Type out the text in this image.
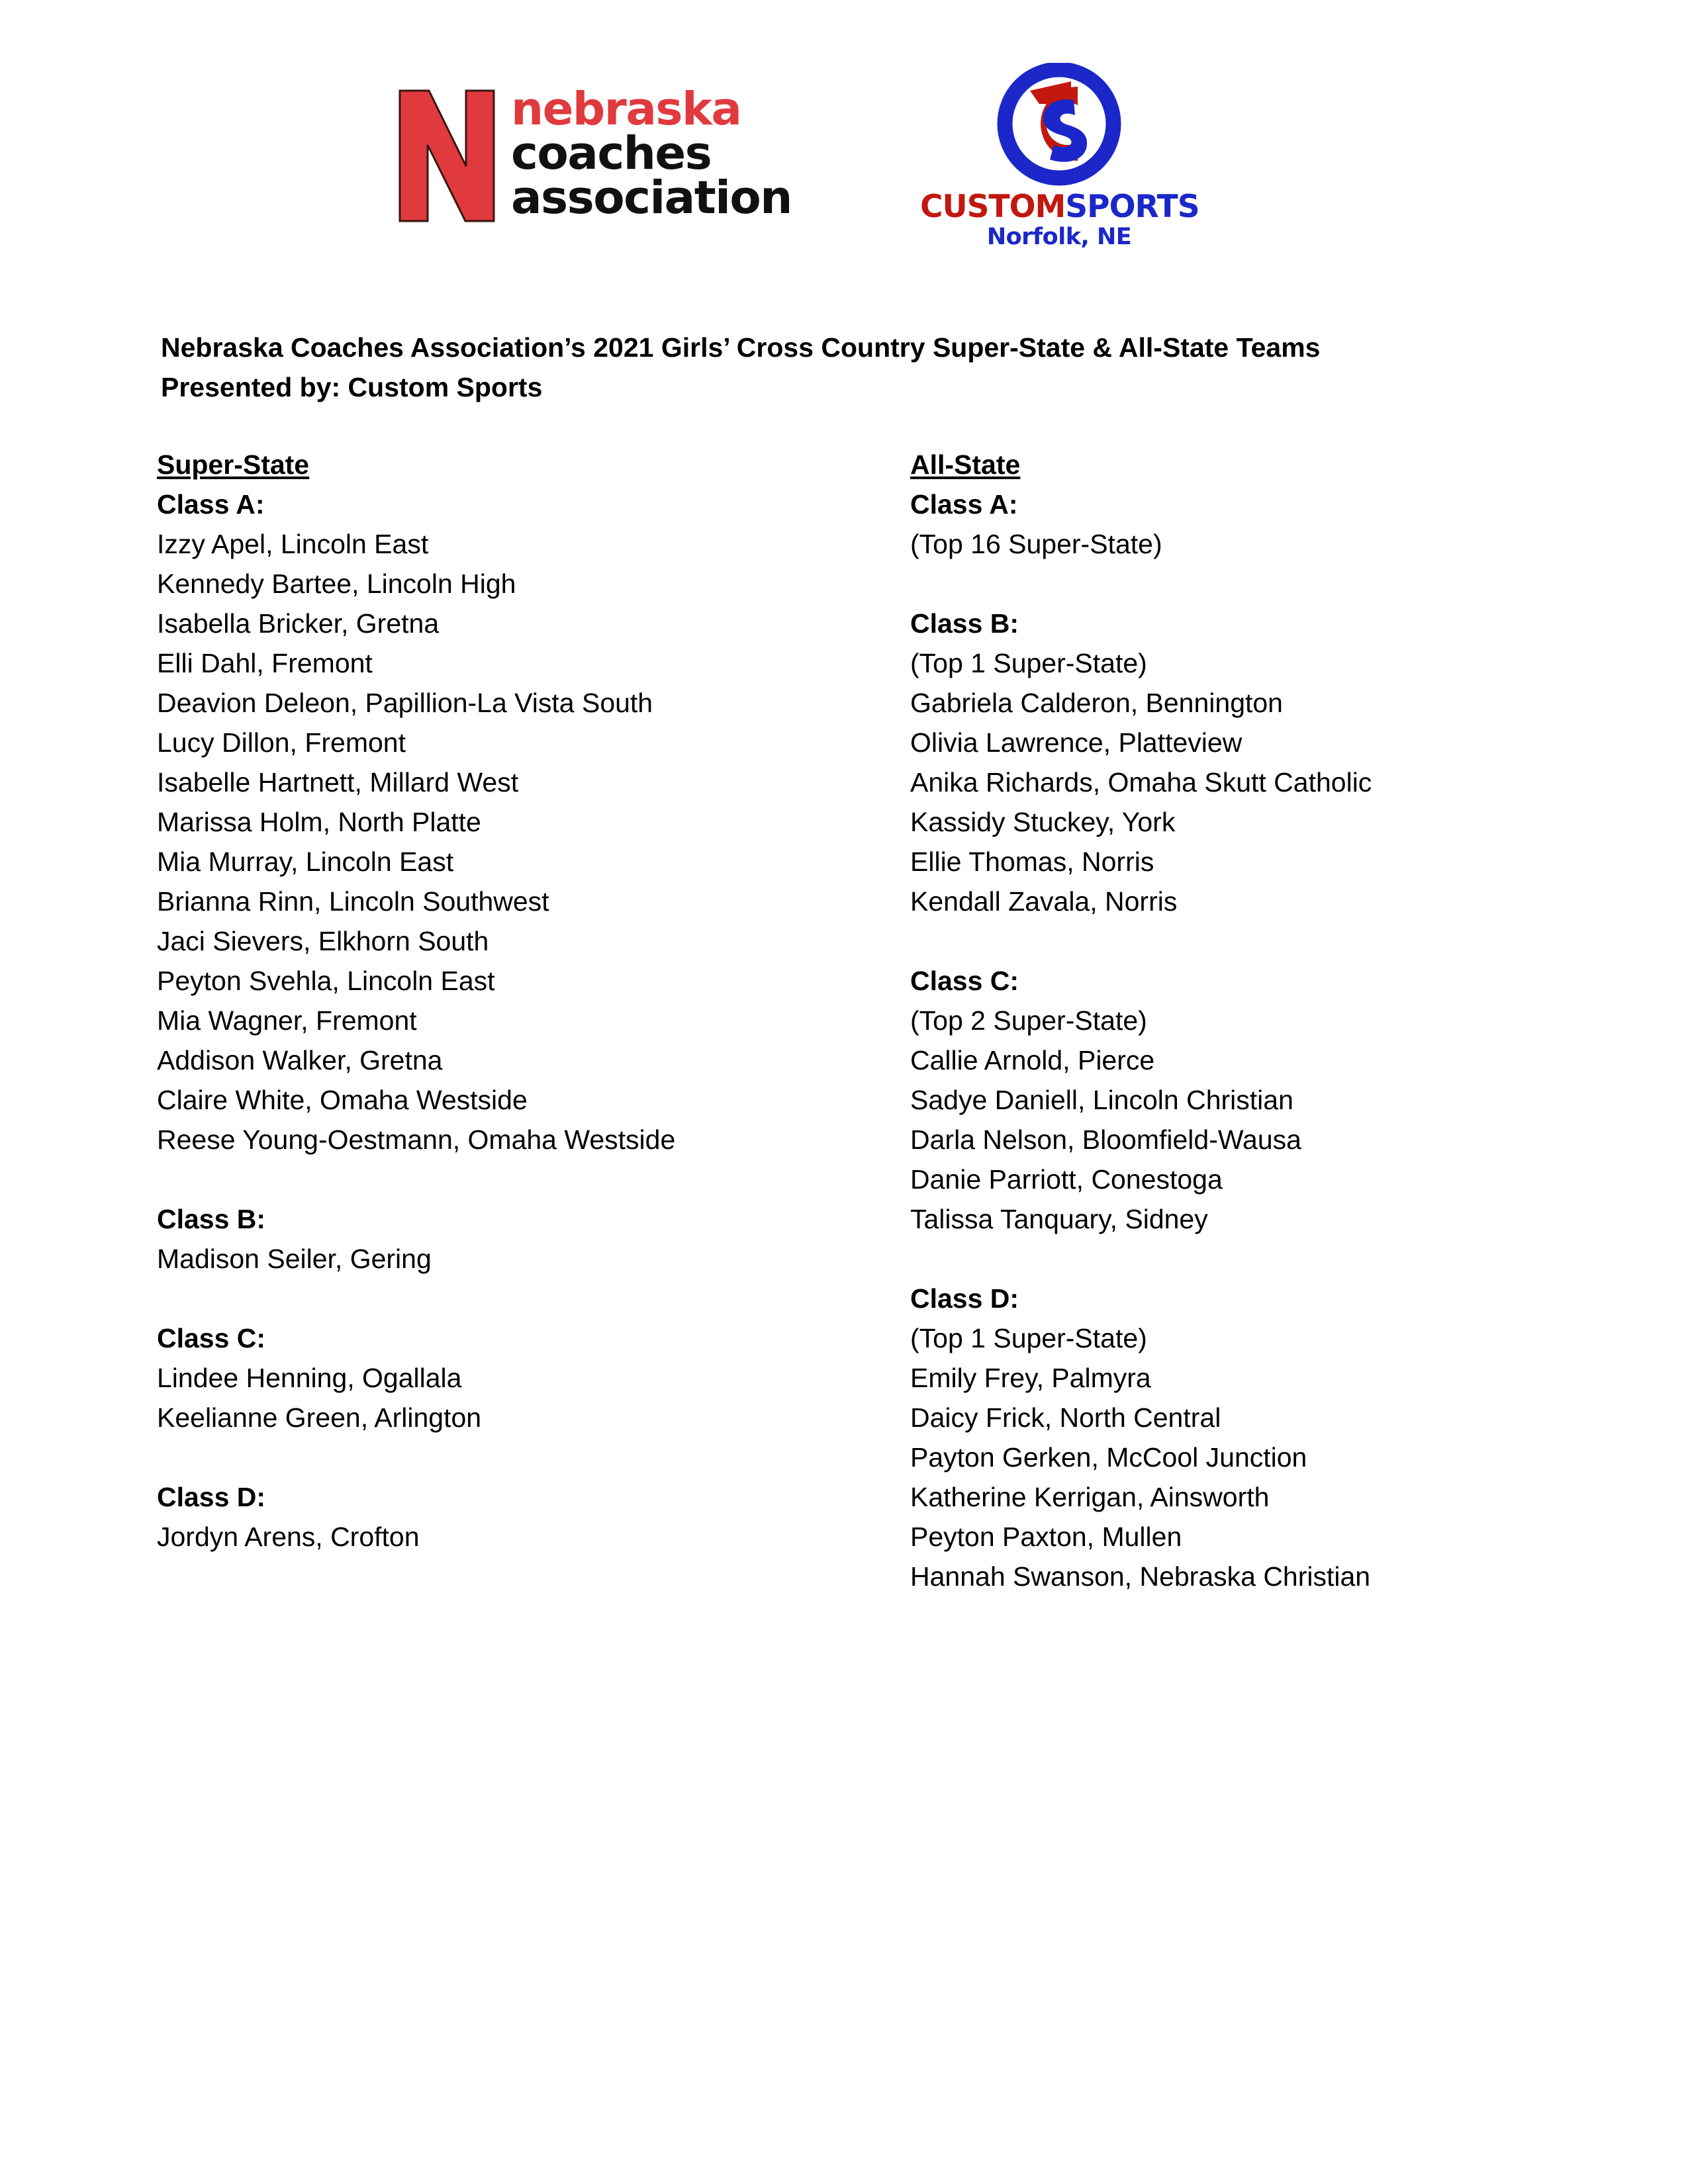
nebraska
coaches
association	CUSTOMSPORTS
Norfolk, NE
Nebraska Coaches Association’s 2021 Girls’ Cross Country Super-State & All-State Teams
Presented by: Custom Sports
Super-State
Class A:
Izzy Apel, Lincoln East
Kennedy Bartee, Lincoln High
Isabella Bricker, Gretna
Elli Dahl, Fremont
Deavion Deleon, Papillion-La Vista South
Lucy Dillon, Fremont
Isabelle Hartnett, Millard West
Marissa Holm, North Platte
Mia Murray, Lincoln East
Brianna Rinn, Lincoln Southwest
Jaci Sievers, Elkhorn South
Peyton Svehla, Lincoln East
Mia Wagner, Fremont
Addison Walker, Gretna
Claire White, Omaha Westside
Reese Young-Oestmann, Omaha Westside
Class B:
Madison Seiler, Gering
Class C:
Lindee Henning, Ogallala
Keelianne Green, Arlington
Class D:
Jordyn Arens, Crofton
All-State
Class A:
(Top 16 Super-State)
Class B:
(Top 1 Super-State)
Gabriela Calderon, Bennington
Olivia Lawrence, Platteview
Anika Richards, Omaha Skutt Catholic
Kassidy Stuckey, York
Ellie Thomas, Norris
Kendall Zavala, Norris
Class C:
(Top 2 Super-State)
Callie Arnold, Pierce
Sadye Daniell, Lincoln Christian
Darla Nelson, Bloomfield-Wausa
Danie Parriott, Conestoga
Talissa Tanquary, Sidney
Class D:
(Top 1 Super-State)
Emily Frey, Palmyra
Daicy Frick, North Central
Payton Gerken, McCool Junction
Katherine Kerrigan, Ainsworth
Peyton Paxton, Mullen
Hannah Swanson, Nebraska Christian
